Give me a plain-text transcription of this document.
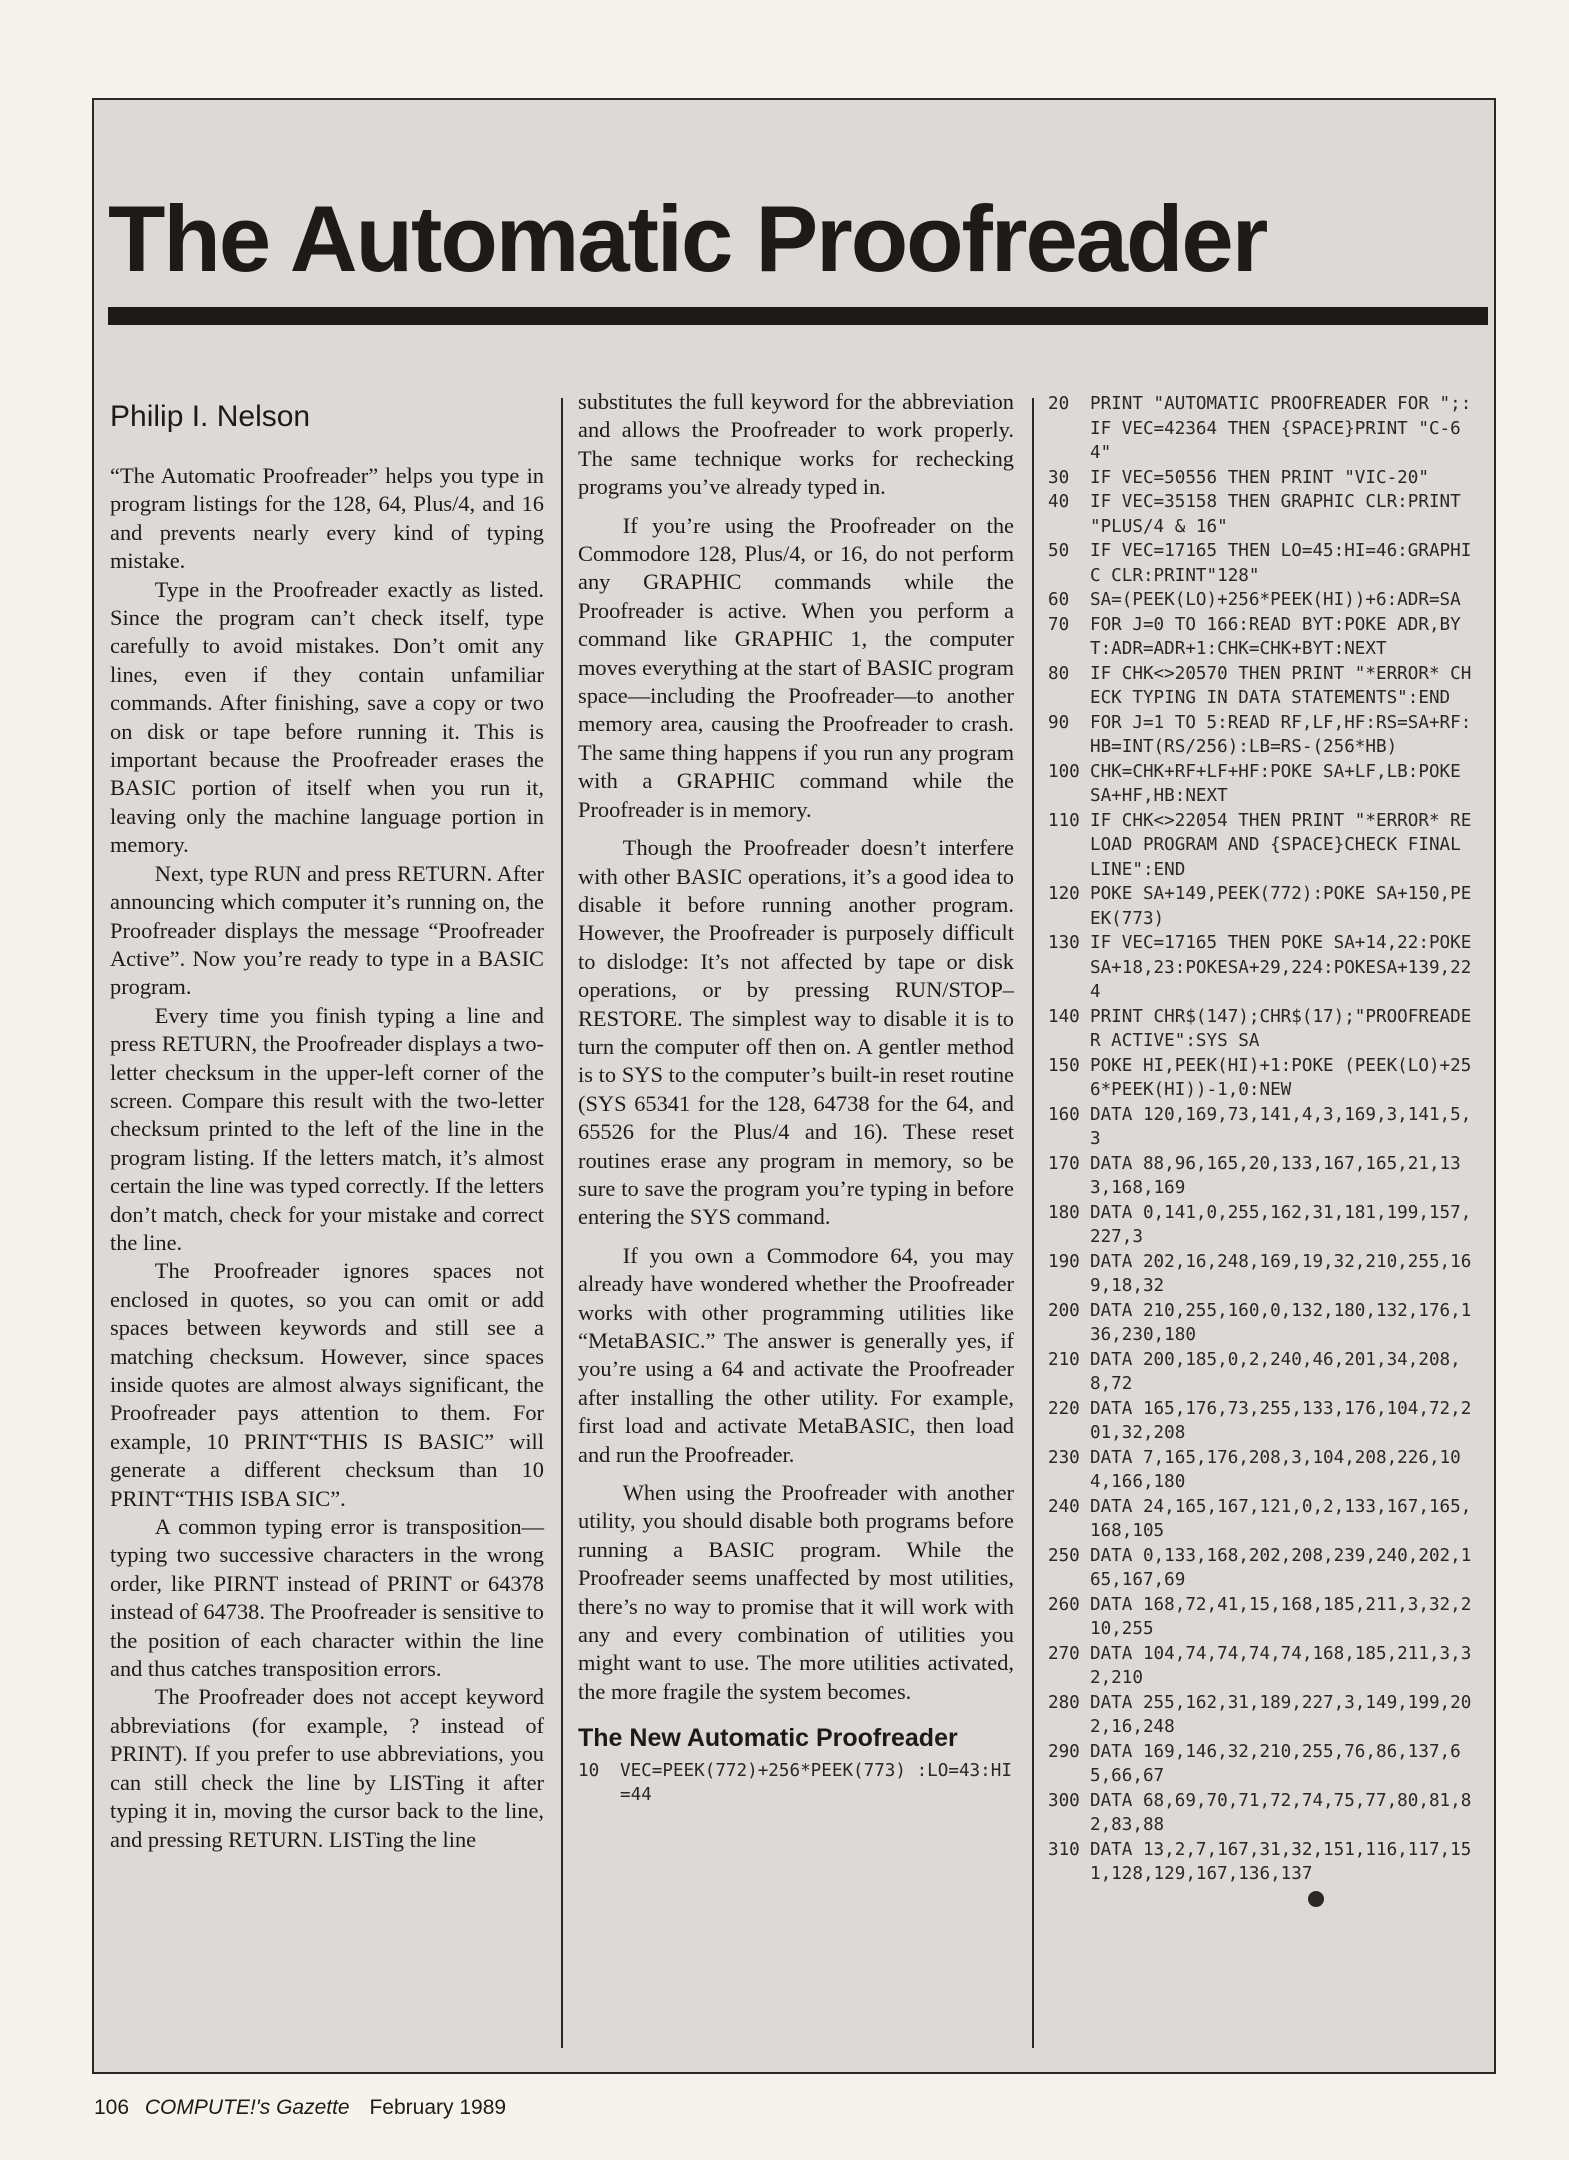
The Automatic Proofreader
Philip I. Nelson

“The Automatic Proofreader” helps you type in program listings for the 128, 64, Plus/4, and 16 and prevents nearly every kind of typing mistake.

Type in the Proofreader exactly as listed. Since the program can’t check itself, type carefully to avoid mistakes. Don’t omit any lines, even if they contain unfamiliar commands. After finishing, save a copy or two on disk or tape before running it. This is important because the Proofreader erases the BASIC portion of itself when you run it, leaving only the machine language portion in memory.

Next, type RUN and press RETURN. After announcing which computer it’s running on, the Proofreader displays the message “Proofreader Active”. Now you’re ready to type in a BASIC program.

Every time you finish typing a line and press RETURN, the Proofreader displays a two-letter checksum in the upper-left corner of the screen. Compare this result with the two-letter checksum printed to the left of the line in the program listing. If the letters match, it’s almost certain the line was typed correctly. If the letters don’t match, check for your mistake and correct the line.

The Proofreader ignores spaces not enclosed in quotes, so you can omit or add spaces between keywords and still see a matching checksum. However, since spaces inside quotes are almost always significant, the Proofreader pays attention to them. For example, 10 PRINT“THIS IS BASIC” will generate a different checksum than 10 PRINT“THIS ISBA SIC”.

A common typing error is transposition—typing two successive characters in the wrong order, like PIRNT instead of PRINT or 64378 instead of 64738. The Proofreader is sensitive to the position of each character within the line and thus catches transposition errors.

The Proofreader does not accept keyword abbreviations (for example, ? instead of PRINT). If you prefer to use abbreviations, you can still check the line by LISTing it after typing it in, moving the cursor back to the line, and pressing RETURN. LISTing the line

substitutes the full keyword for the abbreviation and allows the Proofreader to work properly. The same technique works for rechecking programs you’ve already typed in.

If you’re using the Proofreader on the Commodore 128, Plus/4, or 16, do not perform any GRAPHIC commands while the Proofreader is active. When you perform a command like GRAPHIC 1, the computer moves everything at the start of BASIC program space—including the Proofreader—to another memory area, causing the Proofreader to crash. The same thing happens if you run any program with a GRAPHIC command while the Proofreader is in memory.

Though the Proofreader doesn’t interfere with other BASIC operations, it’s a good idea to disable it before running another program. However, the Proofreader is purposely difficult to dislodge: It’s not affected by tape or disk operations, or by pressing RUN/STOP– RESTORE. The simplest way to disable it is to turn the computer off then on. A gentler method is to SYS to the computer’s built-in reset routine (SYS 65341 for the 128, 64738 for the 64, and 65526 for the Plus/4 and 16). These reset routines erase any program in memory, so be sure to save the program you’re typing in before entering the SYS command.

If you own a Commodore 64, you may already have wondered whether the Proofreader works with other programming utilities like “MetaBASIC.” The answer is generally yes, if you’re using a 64 and activate the Proofreader after installing the other utility. For example, first load and activate MetaBASIC, then load and run the Proofreader.

When using the Proofreader with another utility, you should disable both programs before running a BASIC program. While the Proofreader seems unaffected by most utilities, there’s no way to promise that it will work with any and every combination of utilities you might want to use. The more utilities activated, the more fragile the system becomes.

The New Automatic Proofreader

10	VEC=PEEK(772)+256*PEEK(773) :LO=43:HI=44
20	PRINT "AUTOMATIC PROOFREADER FOR ";:IF VEC=42364 THEN {SPACE}PRINT "C-64"
30	IF VEC=50556 THEN PRINT "VIC-20"
40	IF VEC=35158 THEN GRAPHIC CLR:PRINT "PLUS/4 & 16"
50	IF VEC=17165 THEN LO=45:HI=46:GRAPHIC CLR:PRINT"128"
60	SA=(PEEK(LO)+256*PEEK(HI))+6:ADR=SA
70	FOR J=0 TO 166:READ BYT:POKE ADR,BYT:ADR=ADR+1:CHK=CHK+BYT:NEXT
80	IF CHK<>20570 THEN PRINT "*ERROR* CHECK TYPING IN DATA STATEMENTS":END
90	FOR J=1 TO 5:READ RF,LF,HF:RS=SA+RF:HB=INT(RS/256):LB=RS-(256*HB)
100 CHK=CHK+RF+LF+HF:POKE SA+LF,LB:POKE SA+HF,HB:NEXT
110 IF CHK<>22054 THEN PRINT "*ERROR* RELOAD PROGRAM AND {SPACE}CHECK FINAL LINE":END
120 POKE SA+149,PEEK(772):POKE SA+150,PEEK(773)
130 IF VEC=17165 THEN POKE SA+14,22:POKE SA+18,23:POKESA+29,224:POKESA+139,224
140 PRINT CHR$(147);CHR$(17);"PROOFREADER ACTIVE":SYS SA
150 POKE HI,PEEK(HI)+1:POKE (PEEK(LO)+256*PEEK(HI))-1,0:NEW
160 DATA 120,169,73,141,4,3,169,3,141,5,3
170 DATA 88,96,165,20,133,167,165,21,133,168,169
180 DATA 0,141,0,255,162,31,181,199,157,227,3
190 DATA 202,16,248,169,19,32,210,255,169,18,32
200 DATA 210,255,160,0,132,180,132,176,136,230,180
210 DATA 200,185,0,2,240,46,201,34,208,8,72
220 DATA 165,176,73,255,133,176,104,72,201,32,208
230 DATA 7,165,176,208,3,104,208,226,104,166,180
240 DATA 24,165,167,121,0,2,133,167,165,168,105
250 DATA 0,133,168,202,208,239,240,202,165,167,69
260 DATA 168,72,41,15,168,185,211,3,32,210,255
270 DATA 104,74,74,74,74,168,185,211,3,32,210
280 DATA 255,162,31,189,227,3,149,199,202,16,248
290 DATA 169,146,32,210,255,76,86,137,65,66,67
300 DATA 68,69,70,71,72,74,75,77,80,81,82,83,88
310 DATA 13,2,7,167,31,32,151,116,117,151,128,129,167,136,137
106 COMPUTE!'s Gazette February 1989
